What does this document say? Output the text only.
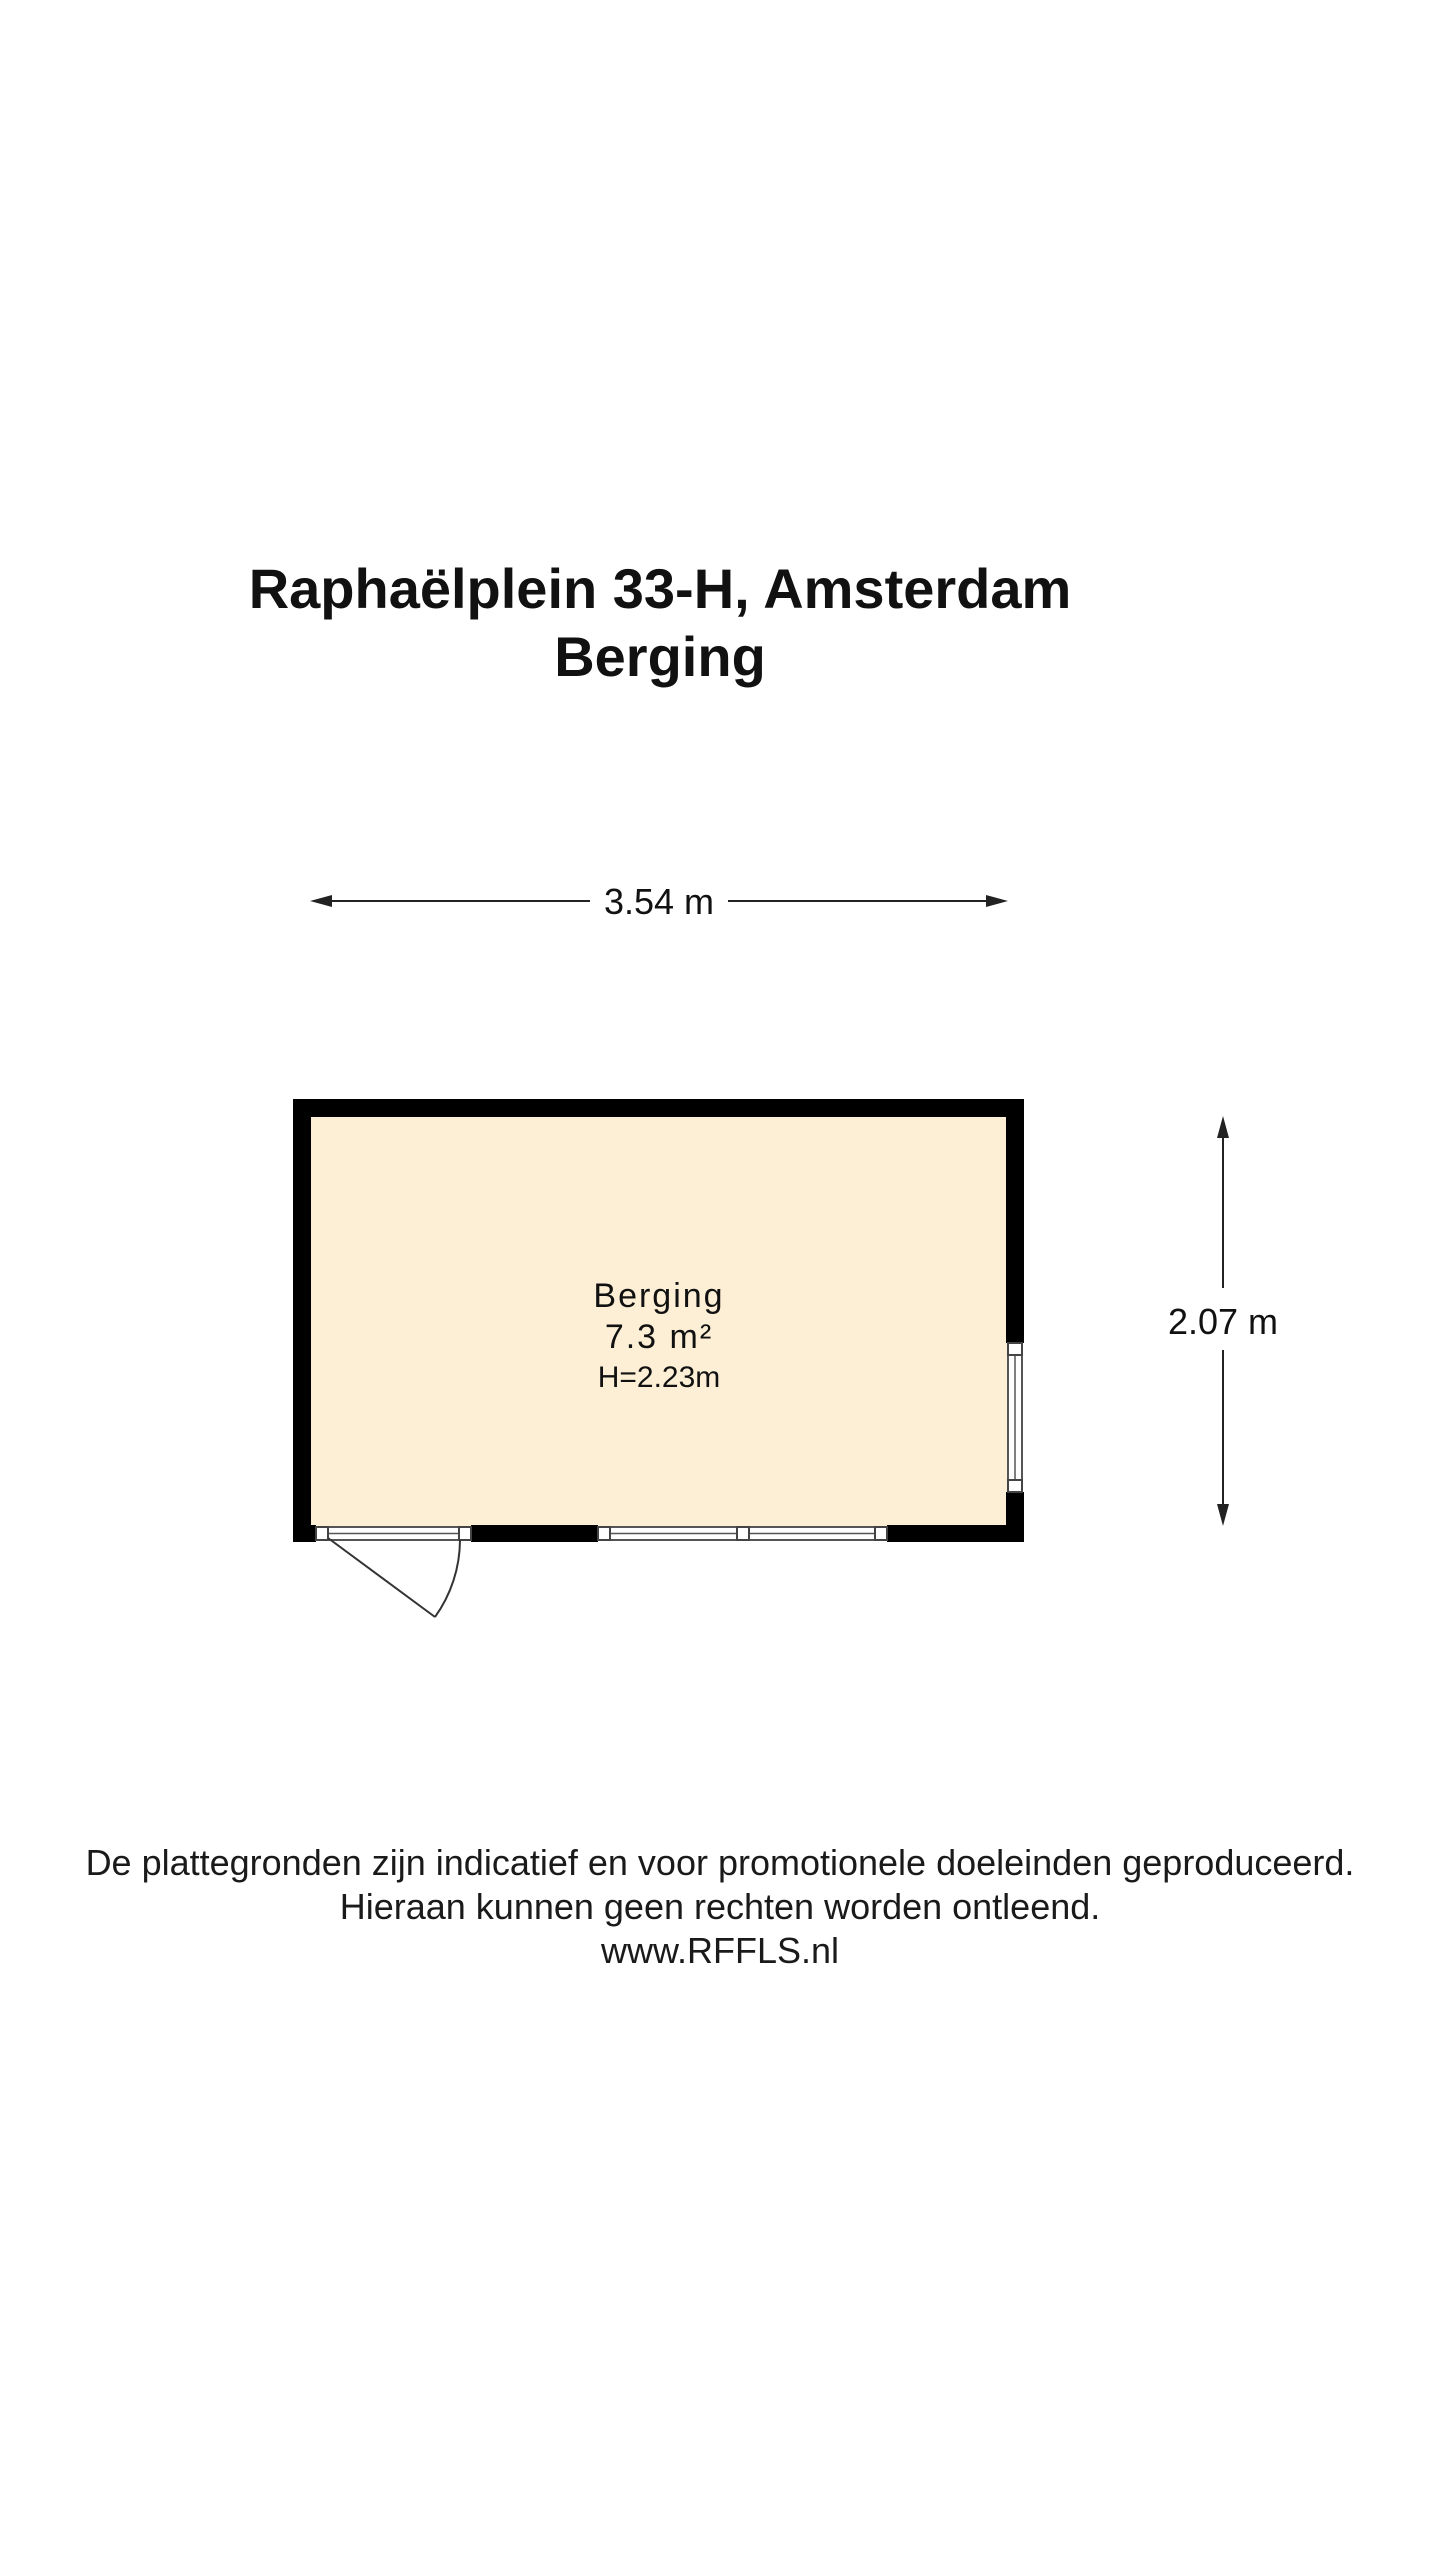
Raphaëlplein 33-H, Amsterdam
Berging
3.54 m
2.07 m
Berging
7.3 m²
H=2.23m
De plattegronden zijn indicatief en voor promotionele doeleinden geproduceerd.
Hieraan kunnen geen rechten worden ontleend.
www.RFFLS.nl
